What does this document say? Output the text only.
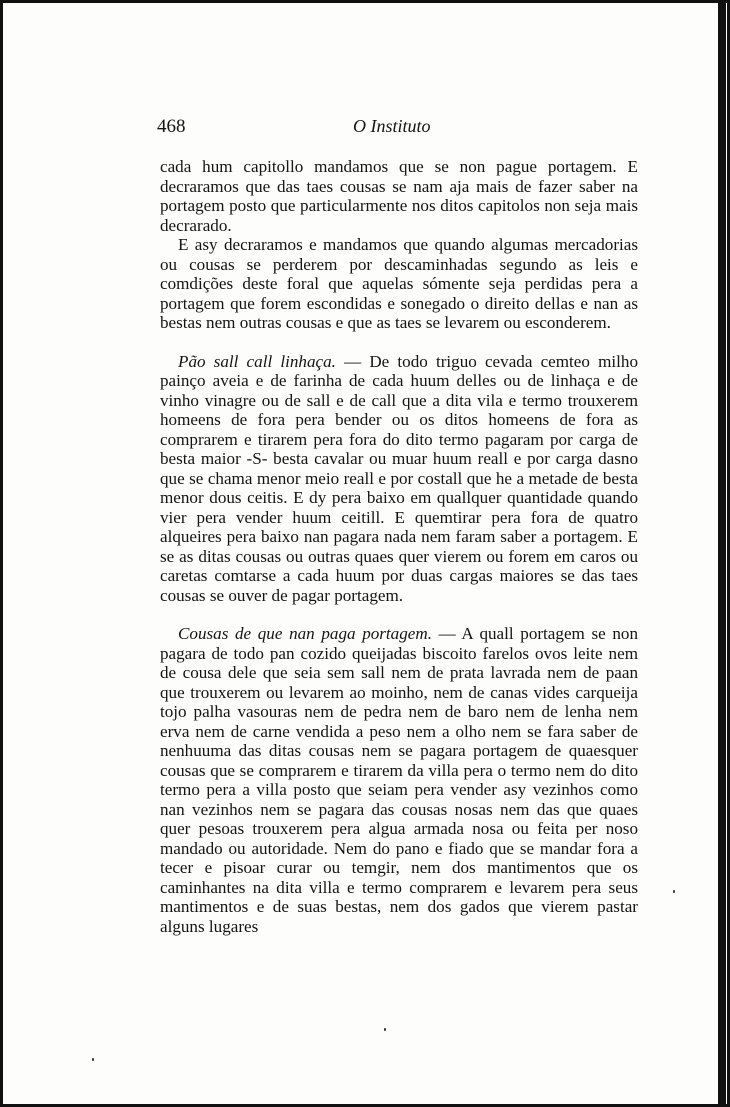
468	O Instituto

cada hum capitollo mandamos que se non pague portagem. E decraramos que das taes cousas se nam aja mais de fazer saber na portagem posto que particularmente nos ditos capitolos non seja mais decrarado.

E asy decraramos e mandamos que quando algumas mercadorias ou cousas se perderem por descaminhadas segundo as leis e comdições deste foral que aquelas sómente seja perdidas pera a portagem que forem escondidas e sonegado o direito dellas e nan as bestas nem outras cousas e que as taes se levarem ou esconderem.

Pão sall call linhaça. — De todo triguo cevada cemteo milho painço aveia e de farinha de cada huum delles ou de linhaça e de vinho vinagre ou de sall e de call que a dita vila e termo trouxerem homeens de fora pera bender ou os ditos homeens de fora as comprarem e tirarem pera fora do dito termo pagaram por carga de besta maior -S- besta cavalar ou muar huum reall e por carga dasno que se chama menor meio reall e por costall que he a metade de besta menor dous ceitis. E dy pera baixo em quallquer quantidade quando vier pera vender huum ceitill. E quemtirar pera fora de quatro alqueires pera baixo nan pagara nada nem faram saber a portagem. E se as ditas cousas ou outras quaes quer vierem ou forem em caros ou caretas comtarse a cada huum por duas cargas maiores se das taes cousas se ouver de pagar portagem.

Cousas de que nan paga portagem. — A quall portagem se non pagara de todo pan cozido queijadas biscoito farelos ovos leite nem de cousa dele que seia sem sall nem de prata lavrada nem de paan que trouxerem ou levarem ao moinho, nem de canas vides carqueija tojo palha vasouras nem de pedra nem de baro nem de lenha nem erva nem de carne vendida a peso nem a olho nem se fara saber de nenhuuma das ditas cousas nem se pagara portagem de quaesquer cousas que se comprarem e tirarem da villa pera o termo nem do dito termo pera a villa posto que seiam pera vender asy vezinhos como nan vezinhos nem se pagara das cousas nosas nem das que quaes quer pesoas trouxerem pera algua armada nosa ou feita per noso mandado ou autoridade. Nem do pano e fiado que se mandar fora a tecer e pisoar curar ou temgir, nem dos mantimentos que os caminhantes na dita villa e termo comprarem e levarem pera seus mantimentos e de suas bestas, nem dos gados que vierem pastar alguns lugares
